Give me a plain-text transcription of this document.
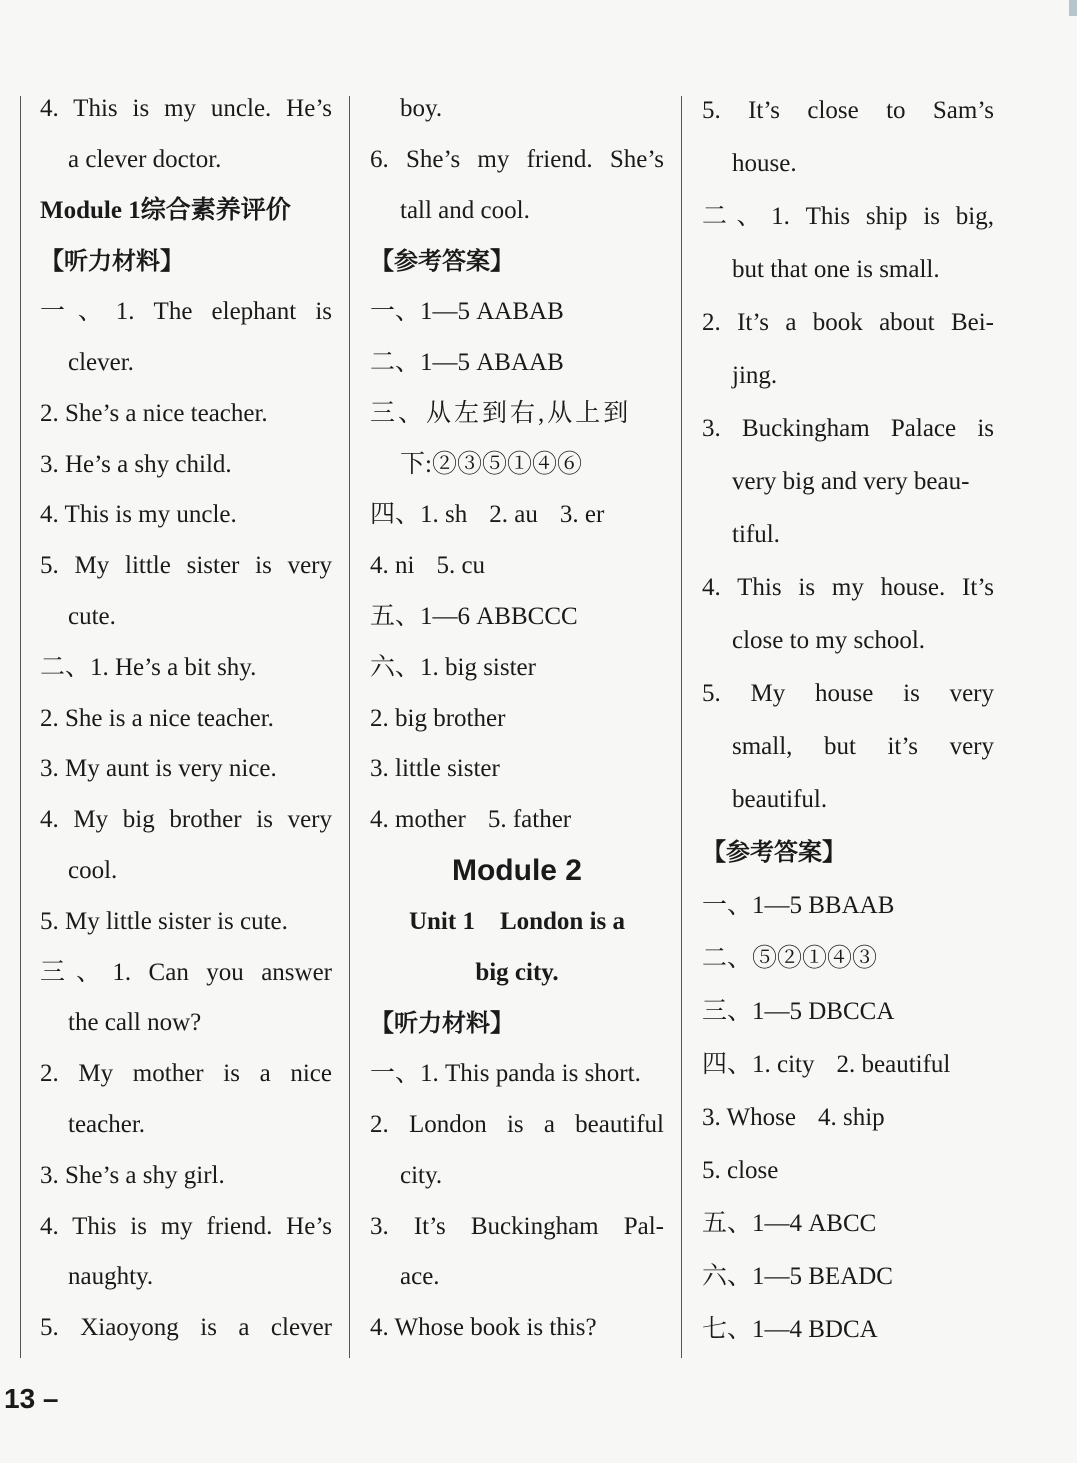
4. This is my uncle. He’s
a clever doctor.
Module 1综合素养评价
【听力材料】
一、1. The elephant is
clever.
2. She’s a nice teacher.
3. He’s a shy child.
4. This is my uncle.
5. My little sister is very
cute.
二、1. He’s a bit shy.
2. She is a nice teacher.
3. My aunt is very nice.
4. My big brother is very
cool.
5. My little sister is cute.
三、1. Can you answer
the call now?
2. My mother is a nice
teacher.
3. She’s a shy girl.
4. This is my friend. He’s
naughty.
5. Xiaoyong is a clever
boy.
6. She’s my friend. She’s
tall and cool.
【参考答案】
一、1—5 AABAB
二、1—5 ABAAB
三、从左到右,从上到
下:②③⑤①④⑥
四、1. sh 2. au 3. er
4. ni 5. cu
五、1—6 ABBCCC
六、1. big sister
2. big brother
3. little sister
4. mother 5. father
Module 2
Unit 1　London is a
big city.
【听力材料】
一、1. This panda is short.
2. London is a beautiful
city.
3. It’s Buckingham Pal-
ace.
4. Whose book is this?
5. It’s close to Sam’s
house.
二、1. This ship is big,
but that one is small.
2. It’s a book about Bei-
jing.
3. Buckingham Palace is
very big and very beau-
tiful.
4. This is my house. It’s
close to my school.
5. My house is very
small, but it’s very
beautiful.
【参考答案】
一、1—5 BBAAB
二、⑤②①④③
三、1—5 DBCCA
四、1. city 2. beautiful
3. Whose 4. ship
5. close
五、1—4 ABCC
六、1—5 BEADC
七、1—4 BDCA
13 –
